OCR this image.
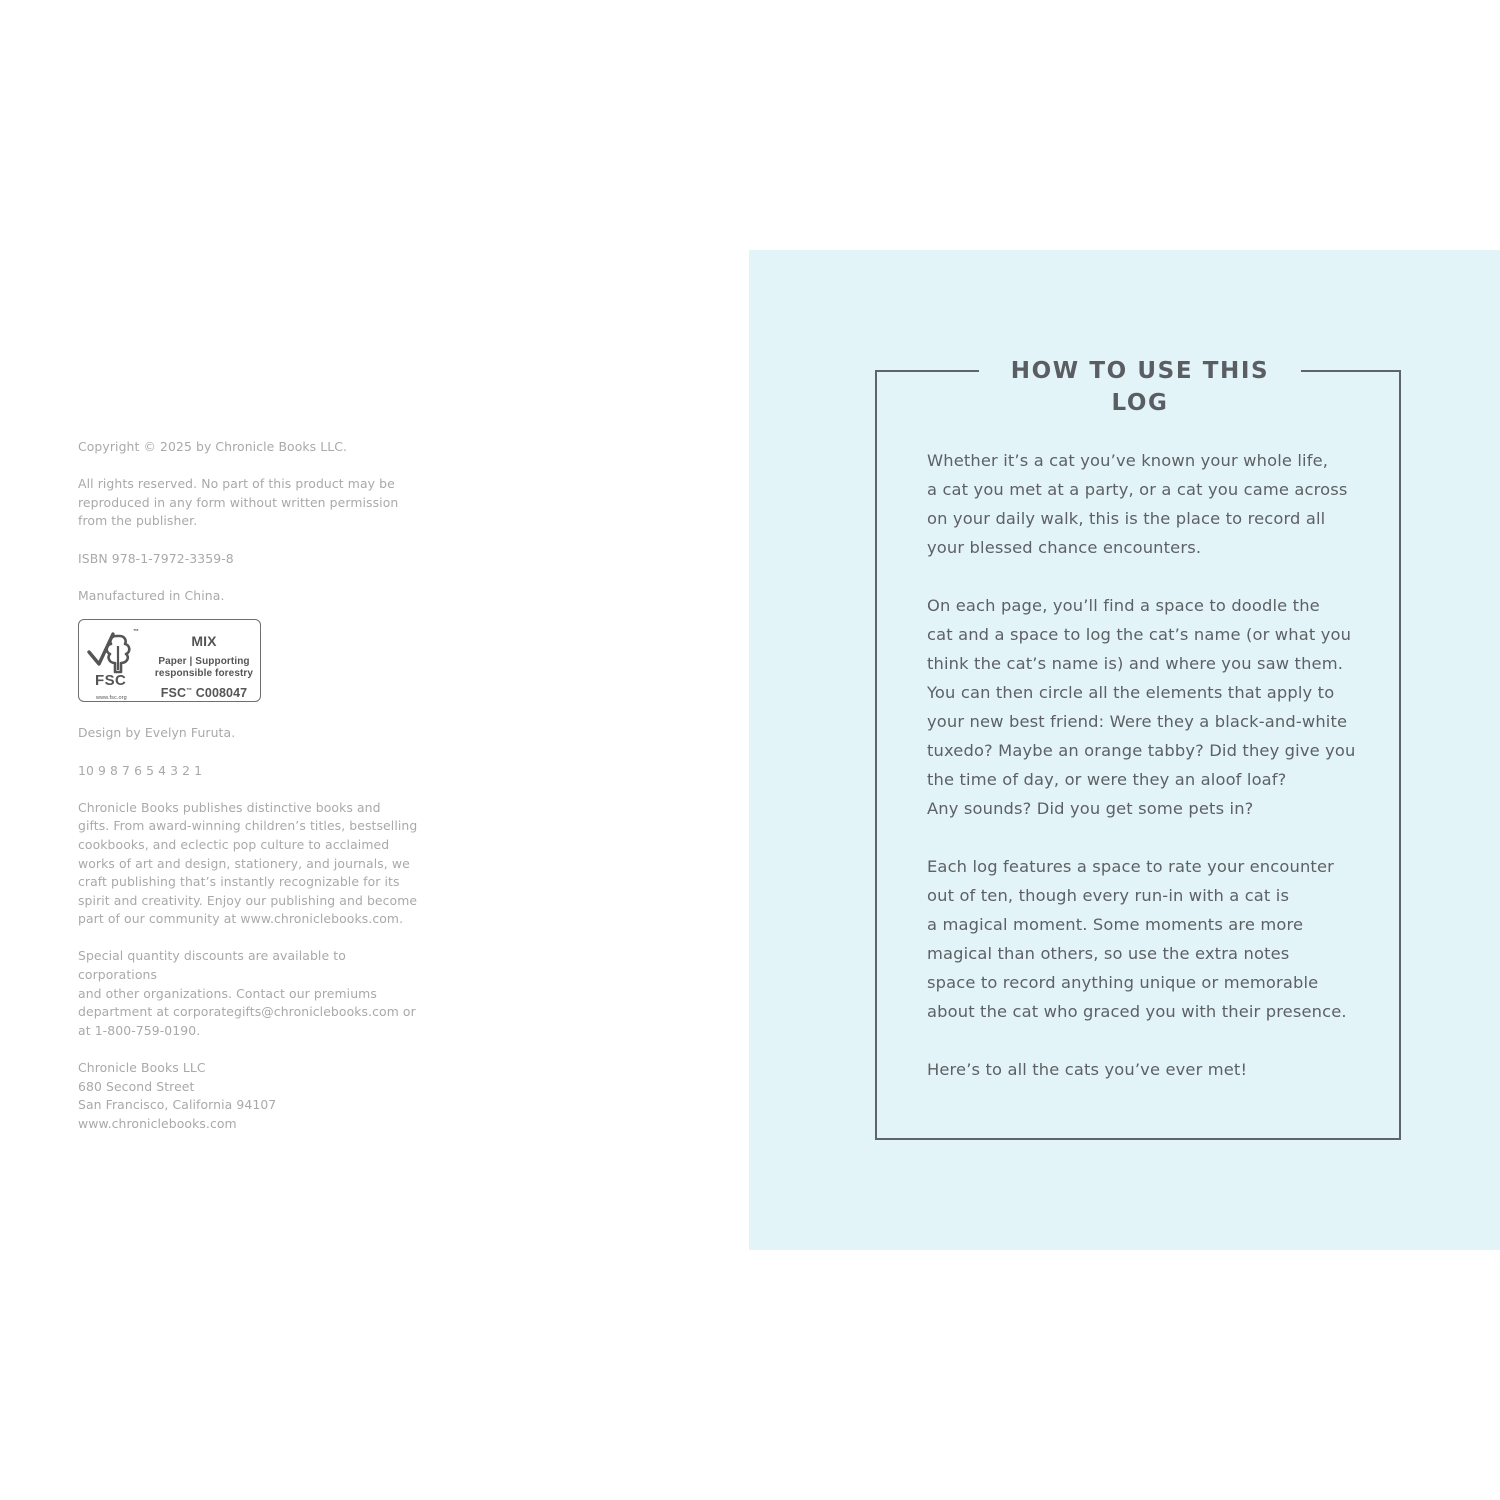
Copyright © 2025 by Chronicle Books LLC.

All rights reserved. No part of this product may be
reproduced in any form without written permission
from the publisher.

ISBN 978-1-7972-3359-8

Manufactured in China.

™
FSC
www.fsc.org
MIX
Paper | Supporting
responsible forestry
FSC™ C008047

Design by Evelyn Furuta.

10 9 8 7 6 5 4 3 2 1

Chronicle Books publishes distinctive books and
gifts. From award-winning children’s titles, bestselling
cookbooks, and eclectic pop culture to acclaimed
works of art and design, stationery, and journals, we
craft publishing that’s instantly recognizable for its
spirit and creativity. Enjoy our publishing and become
part of our community at www.chroniclebooks.com.

Special quantity discounts are available to corporations
and other organizations. Contact our premiums
department at corporategifts@chroniclebooks.com or
at 1-800-759-0190.

Chronicle Books LLC
680 Second Street
San Francisco, California 94107
www.chroniclebooks.com

HOW TO USE THIS LOG

Whether it’s a cat you’ve known your whole life,
a cat you met at a party, or a cat you came across
on your daily walk, this is the place to record all
your blessed chance encounters.

On each page, you’ll find a space to doodle the
cat and a space to log the cat’s name (or what you
think the cat’s name is) and where you saw them.
You can then circle all the elements that apply to
your new best friend: Were they a black-and-white
tuxedo? Maybe an orange tabby? Did they give you
the time of day, or were they an aloof loaf?
Any sounds? Did you get some pets in?

Each log features a space to rate your encounter
out of ten, though every run-in with a cat is
a magical moment. Some moments are more
magical than others, so use the extra notes
space to record anything unique or memorable
about the cat who graced you with their presence.

Here’s to all the cats you’ve ever met!
